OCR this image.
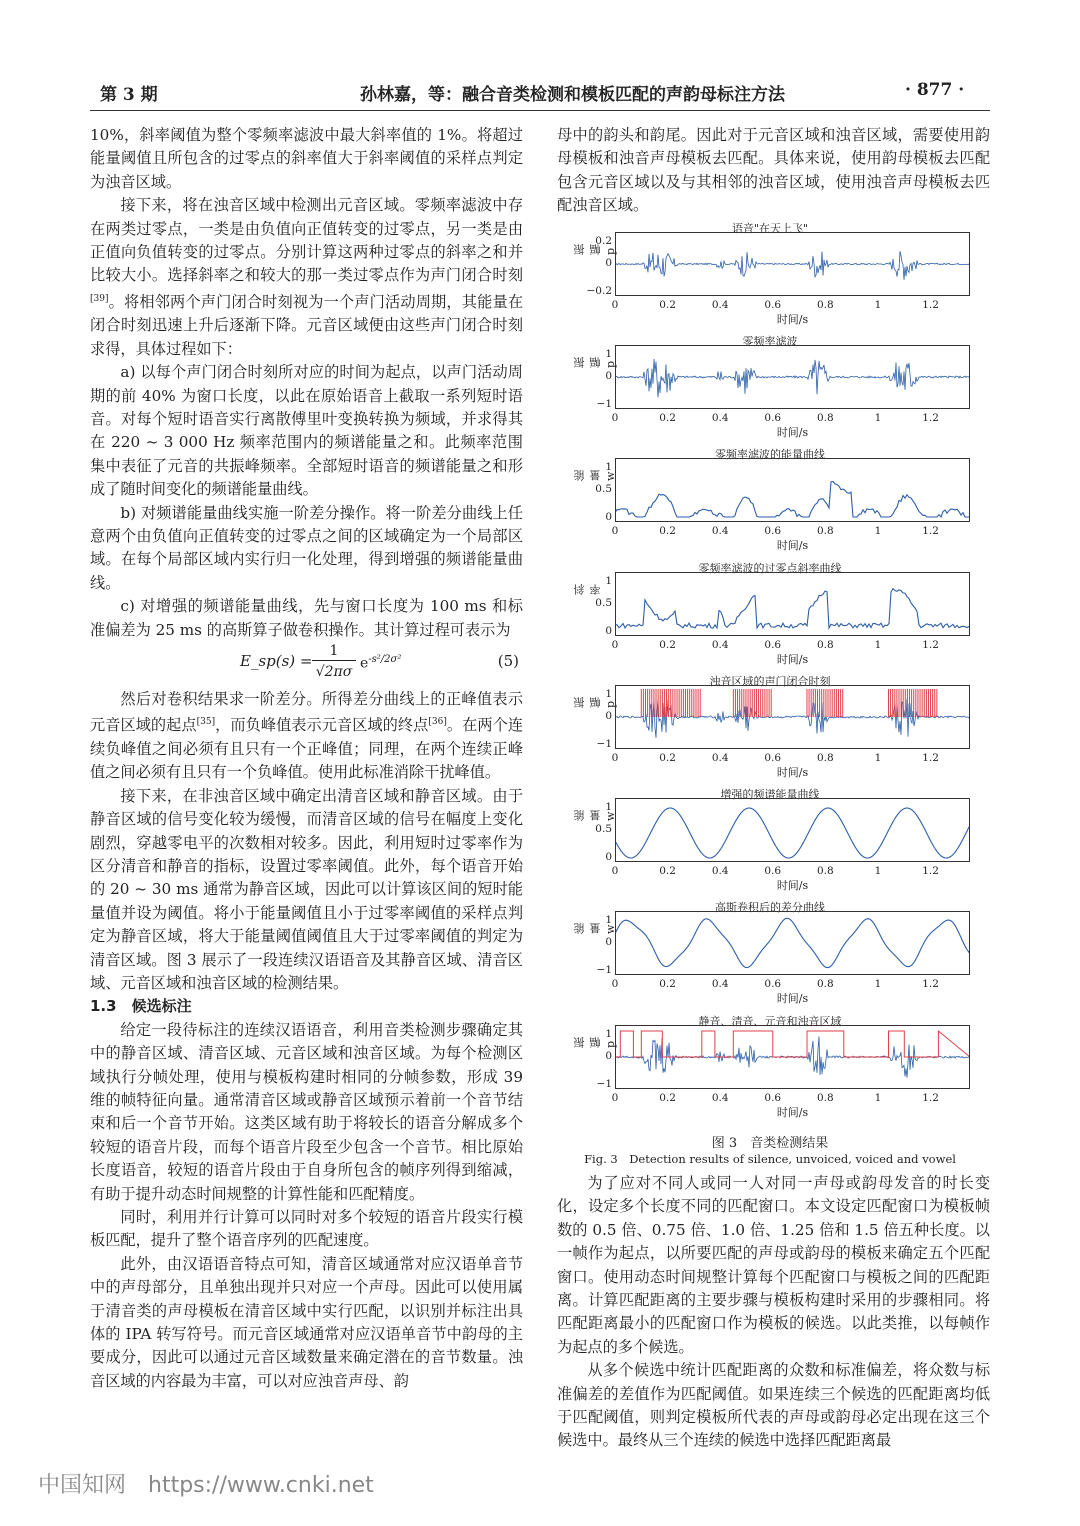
第 3 期	孙林嘉，等：融合音类检测和模板匹配的声韵母标注方法	· 877 ·

10%，斜率阈值为整个零频率滤波中最大斜率值的 1%。将超过能量阈值且所包含的过零点的斜率值大于斜率阈值的采样点判定为浊音区域。

接下来，将在浊音区域中检测出元音区域。零频率滤波中存在两类过零点，一类是由负值向正值转变的过零点，另一类是由正值向负值转变的过零点。分别计算这两种过零点的斜率之和并比较大小。选择斜率之和较大的那一类过零点作为声门闭合时刻[39]。将相邻两个声门闭合时刻视为一个声门活动周期，其能量在闭合时刻迅速上升后逐渐下降。元音区域便由这些声门闭合时刻求得，具体过程如下：

a) 以每个声门闭合时刻所对应的时间为起点，以声门活动周期的前 40% 为窗口长度，以此在原始语音上截取一系列短时语音。对每个短时语音实行离散傅里叶变换转换为频域，并求得其在 220 ~ 3 000 Hz 频率范围内的频谱能量之和。此频率范围集中表征了元音的共振峰频率。全部短时语音的频谱能量之和形成了随时间变化的频谱能量曲线。

b) 对频谱能量曲线实施一阶差分操作。将一阶差分曲线上任意两个由负值向正值转变的过零点之间的区域确定为一个局部区域。在每个局部区域内实行归一化处理，得到增强的频谱能量曲线。

c) 对增强的频谱能量曲线，先与窗口长度为 100 ms 和标准偏差为 25 ms 的高斯算子做卷积操作。其计算过程可表示为

E_sp(s) = $\frac{1}{√2\pi\sigma} e^{-s^2/2\sigma^2}$	(5)

然后对卷积结果求一阶差分。所得差分曲线上的正峰值表示元音区域的起点[35]，而负峰值表示元音区域的终点[36]。在两个连续负峰值之间必须有且只有一个正峰值；同理，在两个连续正峰值之间必须有且只有一个负峰值。使用此标准消除干扰峰值。

接下来，在非浊音区域中确定出清音区域和静音区域。由于静音区域的信号变化较为缓慢，而清音区域的信号在幅度上变化剧烈，穿越零电平的次数相对较多。因此，利用短时过零率作为区分清音和静音的指标，设置过零率阈值。此外，每个语音开始的 20 ~ 30 ms 通常为静音区域，因此可以计算该区间的短时能量值并设为阈值。将小于能量阈值且小于过零率阈值的采样点判定为静音区域，将大于能量阈值阈值且大于过零率阈值的判定为清音区域。图 3 展示了一段连续汉语语音及其静音区域、清音区域、元音区域和浊音区域的检测结果。

1.3　候选标注

给定一段待标注的连续汉语语音，利用音类检测步骤确定其中的静音区域、清音区域、元音区域和浊音区域。为每个检测区域执行分帧处理，使用与模板构建时相同的分帧参数，形成 39 维的帧特征向量。通常清音区域或静音区域预示着前一个音节结束和后一个音节开始。这类区域有助于将较长的语音分解成多个较短的语音片段，而每个语音片段至少包含一个音节。相比原始长度语音，较短的语音片段由于自身所包含的帧序列得到缩减，有助于提升动态时间规整的计算性能和匹配精度。

同时，利用并行计算可以同时对多个较短的语音片段实行模板匹配，提升了整个语音序列的匹配速度。

此外，由汉语语音特点可知，清音区域通常对应汉语单音节中的声母部分，且单独出现并只对应一个声母。因此可以使用属于清音类的声母模板在清音区域中实行匹配，以识别并标注出具体的 IPA 转写符号。而元音区域通常对应汉语单音节中韵母的主要成分，因此可以通过元音区域数量来确定潜在的音节数量。浊音区域的内容最为丰富，可以对应浊音声母、韵

母中的韵头和韵尾。因此对于元音区域和浊音区域，需要使用韵母模板和浊音声母模板去匹配。具体来说，使用韵母模板去匹配包含元音区域以及与其相邻的浊音区域，使用浊音声母模板去匹配浊音区域。

语音"在天上飞"
振幅 p
0.2
0
−0.2
0	0.2	0.4	0.6	0.8	1	1.2
时间/s
零频率滤波
振幅 p
1
0
−1
0	0.2	0.4	0.6	0.8	1	1.2
时间/s
零频率滤波的能量曲线
能量 w
1
0.5
0
0	0.2	0.4	0.6	0.8	1	1.2
时间/s
零频率滤波的过零点斜率曲线
斜率
1
0.5
0
0	0.2	0.4	0.6	0.8	1	1.2
时间/s
浊音区域的声门闭合时刻
振幅 p
1
0
−1
0	0.2	0.4	0.6	0.8	1	1.2
时间/s
增强的频谱能量曲线
能量 w
1
0.5
0
0	0.2	0.4	0.6	0.8	1	1.2
时间/s
高斯卷积后的差分曲线
能量 w
1
0
−1
0	0.2	0.4	0.6	0.8	1	1.2
时间/s
静音、清音、元音和浊音区域
振幅 p
1
0
−1
0	0.2	0.4	0.6	0.8	1	1.2
时间/s
图 3　音类检测结果
Fig. 3　Detection results of silence, unvoiced, voiced and vowel

为了应对不同人或同一人对同一声母或韵母发音的时长变化，设定多个长度不同的匹配窗口。本文设定匹配窗口为模板帧数的 0.5 倍、0.75 倍、1.0 倍、1.25 倍和 1.5 倍五种长度。以一帧作为起点，以所要匹配的声母或韵母的模板来确定五个匹配窗口。使用动态时间规整计算每个匹配窗口与模板之间的匹配距离。计算匹配距离的主要步骤与模板构建时采用的步骤相同。将匹配距离最小的匹配窗口作为模板的候选。以此类推，以每帧作为起点的多个候选。

从多个候选中统计匹配距离的众数和标准偏差，将众数与标准偏差的差值作为匹配阈值。如果连续三个候选的匹配距离均低于匹配阈值，则判定模板所代表的声母或韵母必定出现在这三个候选中。最终从三个连续的候选中选择匹配距离最

中国知网　https://www.cnki.net
